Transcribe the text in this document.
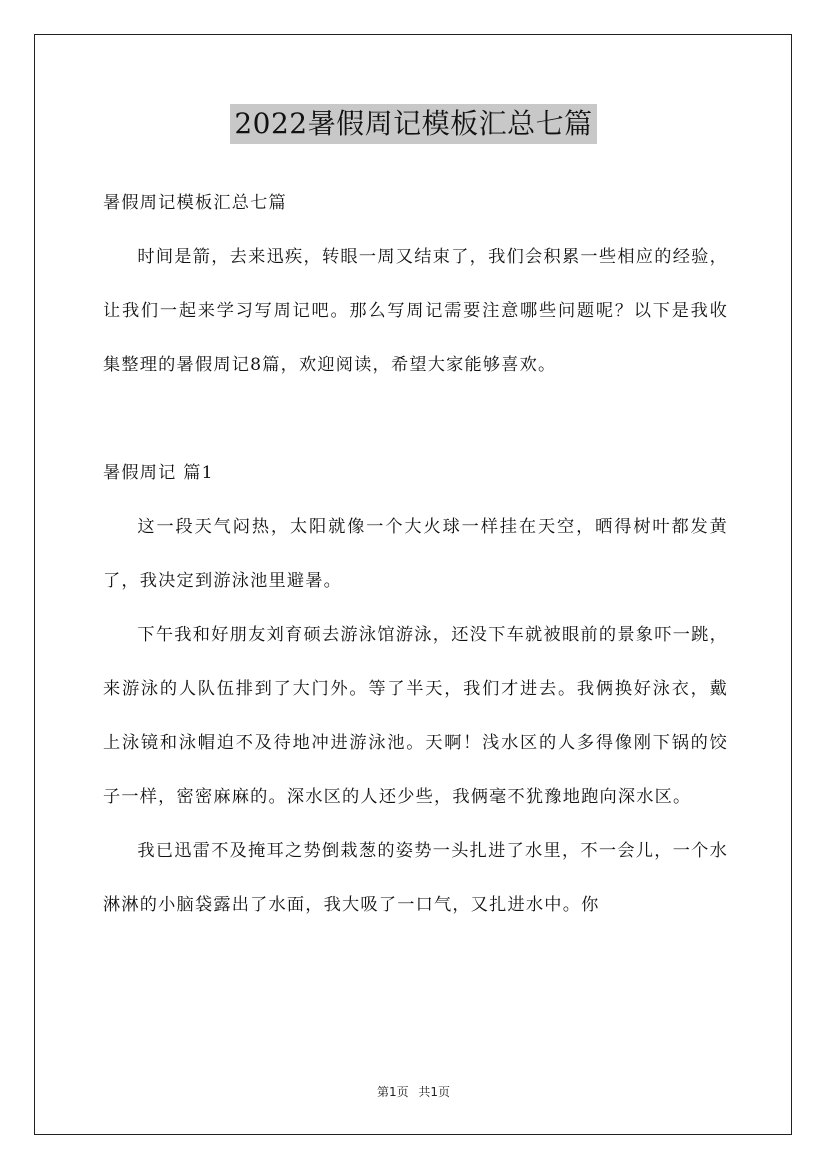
2022暑假周记模板汇总七篇

暑假周记模板汇总七篇

时间是箭，去来迅疾，转眼一周又结束了，我们会积累一些相应的经验，让我们一起来学习写周记吧。那么写周记需要注意哪些问题呢？以下是我收集整理的暑假周记8篇，欢迎阅读，希望大家能够喜欢。

暑假周记 篇1

这一段天气闷热，太阳就像一个大火球一样挂在天空，晒得树叶都发黄了，我决定到游泳池里避暑。

下午我和好朋友刘育硕去游泳馆游泳，还没下车就被眼前的景象吓一跳，来游泳的人队伍排到了大门外。等了半天，我们才进去。我俩换好泳衣，戴上泳镜和泳帽迫不及待地冲进游泳池。天啊！浅水区的人多得像刚下锅的饺子一样，密密麻麻的。深水区的人还少些，我俩毫不犹豫地跑向深水区。

我已迅雷不及掩耳之势倒栽葱的姿势一头扎进了水里，不一会儿，一个水淋淋的小脑袋露出了水面，我大吸了一口气，又扎进水中。你

第1页 共1页
